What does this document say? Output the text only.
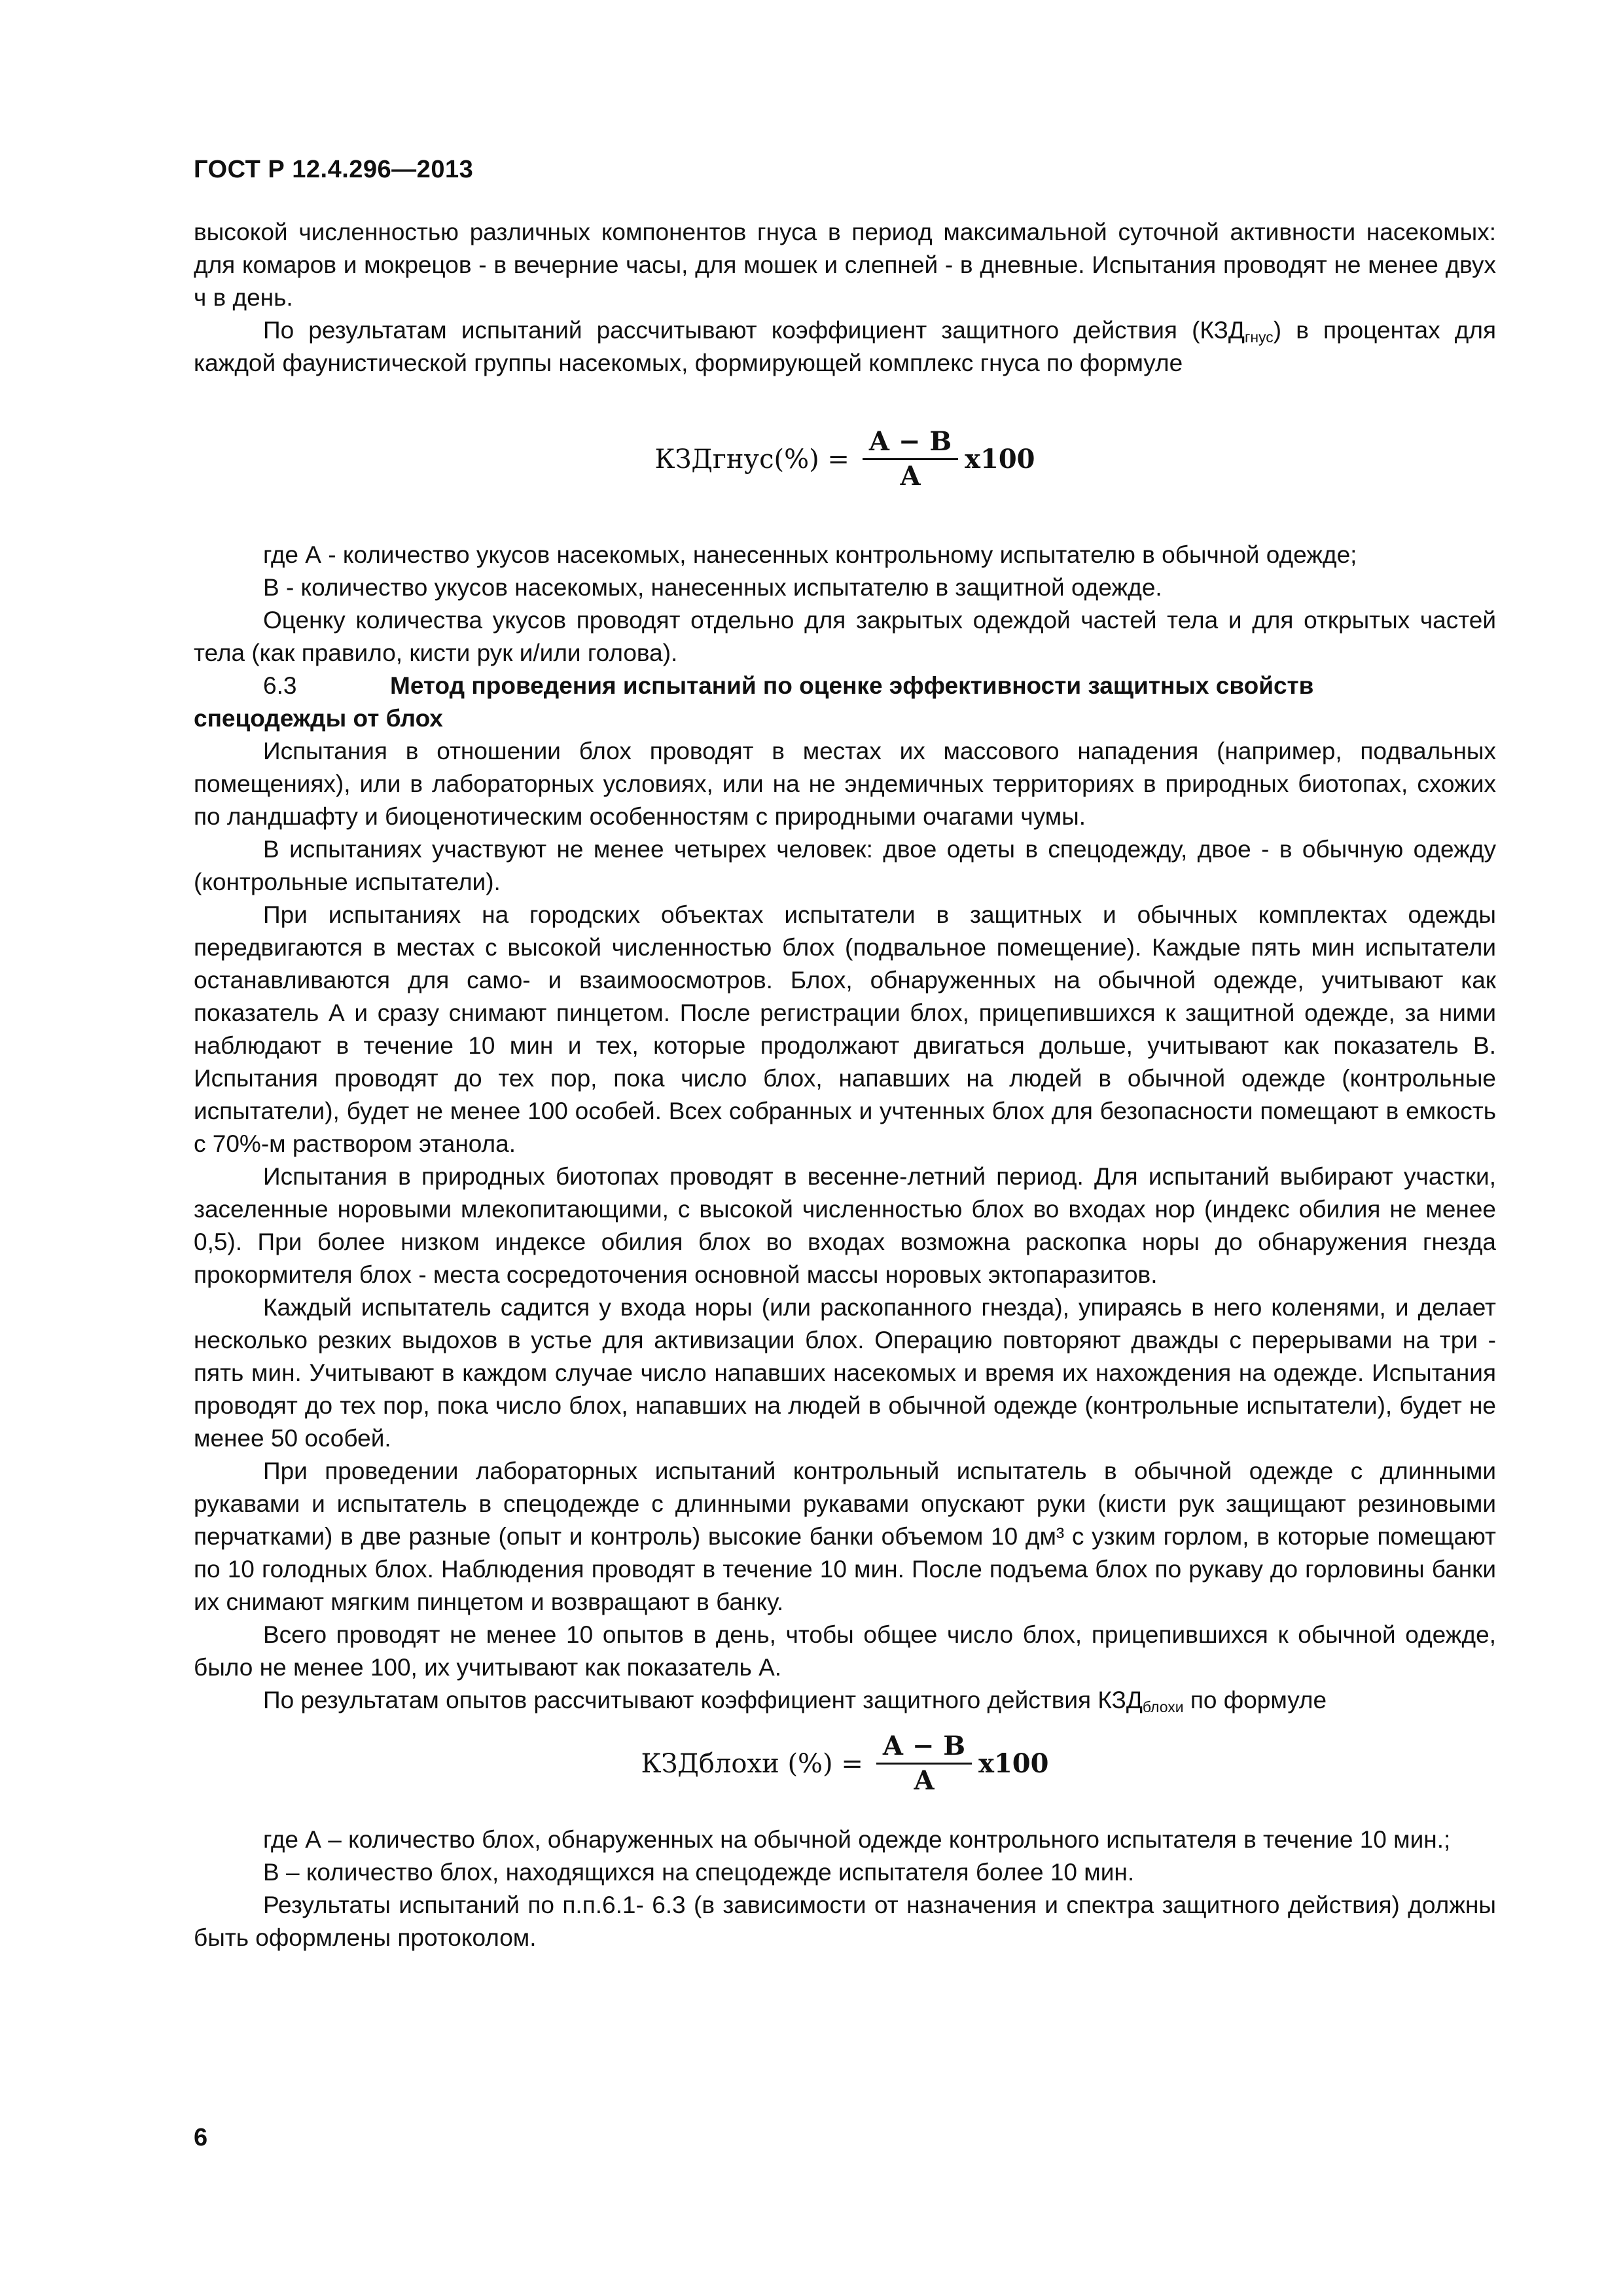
ГОСТ Р 12.4.296—2013

высокой численностью различных компонентов гнуса в период максимальной суточной активности насекомых: для комаров и мокрецов - в вечерние часы, для мошек и слепней - в дневные. Испытания проводят не менее двух ч в день.

По результатам испытаний рассчитывают коэффициент защитного действия $(КЗД_{гнус})$ в процентах для каждой фаунистической группы насекомых, формирующей комплекс гнуса по формуле

КЗДгнус(%) = $\frac{A - B}{A} x100$

где А - количество укусов насекомых, нанесенных контрольному испытателю в обычной одежде;

В - количество укусов насекомых, нанесенных испытателю в защитной одежде.

Оценку количества укусов проводят отдельно для закрытых одеждой частей тела и для открытых частей тела (как правило, кисти рук и/или голова).

6.3	Метод проведения испытаний по оценке эффективности защитных свойств

спецодежды от блох

Испытания в отношении блох проводят в местах их массового нападения (например, подвальных помещениях), или в лабораторных условиях, или на не эндемичных территориях в природных биотопах, схожих по ландшафту и биоценотическим особенностям с природными очагами чумы.

В испытаниях участвуют не менее четырех человек: двое одеты в спецодежду, двое - в обычную одежду (контрольные испытатели).

При испытаниях на городских объектах испытатели в защитных и обычных комплектах одежды передвигаются в местах с высокой численностью блох (подвальное помещение). Каждые пять мин испытатели останавливаются для само- и взаимоосмотров. Блох, обнаруженных на обычной одежде, учитывают как показатель А и сразу снимают пинцетом. После регистрации блох, прицепившихся к защитной одежде, за ними наблюдают в течение 10 мин и тех, которые продолжают двигаться дольше, учитывают как показатель В. Испытания проводят до тех пор, пока число блох, напавших на людей в обычной одежде (контрольные испытатели), будет не менее 100 особей. Всех собранных и учтенных блох для безопасности помещают в емкость с 70%-м раствором этанола.

Испытания в природных биотопах проводят в весенне-летний период. Для испытаний выбирают участки, заселенные норовыми млекопитающими, с высокой численностью блох во входах нор (индекс обилия не менее 0,5). При более низком индексе обилия блох во входах возможна раскопка норы до обнаружения гнезда прокормителя блох - места сосредоточения основной массы норовых эктопаразитов.

Каждый испытатель садится у входа норы (или раскопанного гнезда), упираясь в него коленями, и делает несколько резких выдохов в устье для активизации блох. Операцию повторяют дважды с перерывами на три - пять мин. Учитывают в каждом случае число напавших насекомых и время их нахождения на одежде. Испытания проводят до тех пор, пока число блох, напавших на людей в обычной одежде (контрольные испытатели), будет не менее 50 особей.

При проведении лабораторных испытаний контрольный испытатель в обычной одежде с длинными рукавами и испытатель в спецодежде с длинными рукавами опускают руки (кисти рук защищают резиновыми перчатками) в две разные (опыт и контроль) высокие банки объемом 10 дм³ с узким горлом, в которые помещают по 10 голодных блох. Наблюдения проводят в течение 10 мин. После подъема блох по рукаву до горловины банки их снимают мягким пинцетом и возвращают в банку.

Всего проводят не менее 10 опытов в день, чтобы общее число блох, прицепившихся к обычной одежде, было не менее 100, их учитывают как показатель А.

По результатам опытов рассчитывают коэффициент защитного действия $КЗД_{блохи}$ по формуле

КЗДблохи (%) = $\frac{A - B}{A} x100$

где А – количество блох, обнаруженных на обычной одежде контрольного испытателя в течение 10 мин.;

В – количество блох, находящихся на спецодежде испытателя более 10 мин.

Результаты испытаний по п.п.6.1- 6.3 (в зависимости от назначения и спектра защитного действия) должны быть оформлены протоколом.

6
